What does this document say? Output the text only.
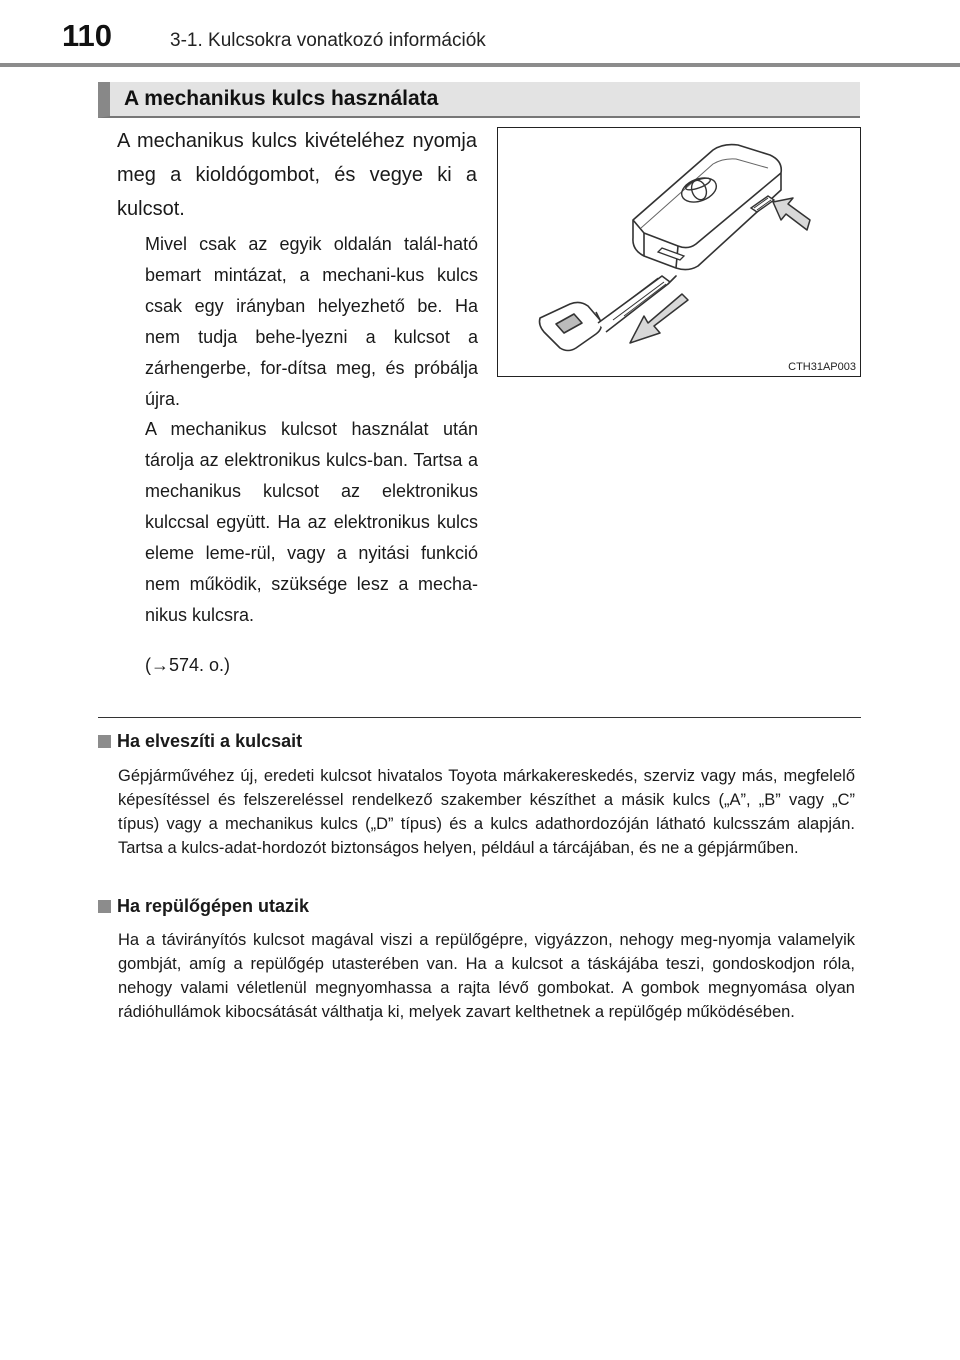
110	3-1. Kulcsokra vonatkozó információk
A mechanikus kulcs használata
A mechanikus kulcs kivételéhez nyomja meg a kioldógombot, és vegye ki a kulcsot.
Mivel csak az egyik oldalán talál-ható bemart mintázat, a mechani-kus kulcs csak egy irányban helyezhető be. Ha nem tudja behe-lyezni a kulcsot a zárhengerbe, for-dítsa meg, és próbálja újra.
A mechanikus kulcsot használat után tárolja az elektronikus kulcs-ban. Tartsa a mechanikus kulcsot az elektronikus kulccsal együtt. Ha az elektronikus kulcs eleme leme-rül, vagy a nyitási funkció nem működik, szüksége lesz a mecha-nikus kulcsra.
(→574. o.)
CTH31AP003
Ha elveszíti a kulcsait
Gépjárművéhez új, eredeti kulcsot hivatalos Toyota márkakereskedés, szerviz vagy más, megfelelő képesítéssel és felszereléssel rendelkező szakember készíthet a másik kulcs („A”, „B” vagy „C” típus) vagy a mechanikus kulcs („D” típus) és a kulcs adathordozóján látható kulcsszám alapján. Tartsa a kulcs-adat-hordozót biztonságos helyen, például a tárcájában, és ne a gépjárműben.
Ha repülőgépen utazik
Ha a távirányítós kulcsot magával viszi a repülőgépre, vigyázzon, nehogy meg-nyomja valamelyik gombját, amíg a repülőgép utasterében van. Ha a kulcsot a táskájába teszi, gondoskodjon róla, nehogy valami véletlenül megnyomhassa a rajta lévő gombokat. A gombok megnyomása olyan rádióhullámok kibocsátását válthatja ki, melyek zavart kelthetnek a repülőgép működésében.
